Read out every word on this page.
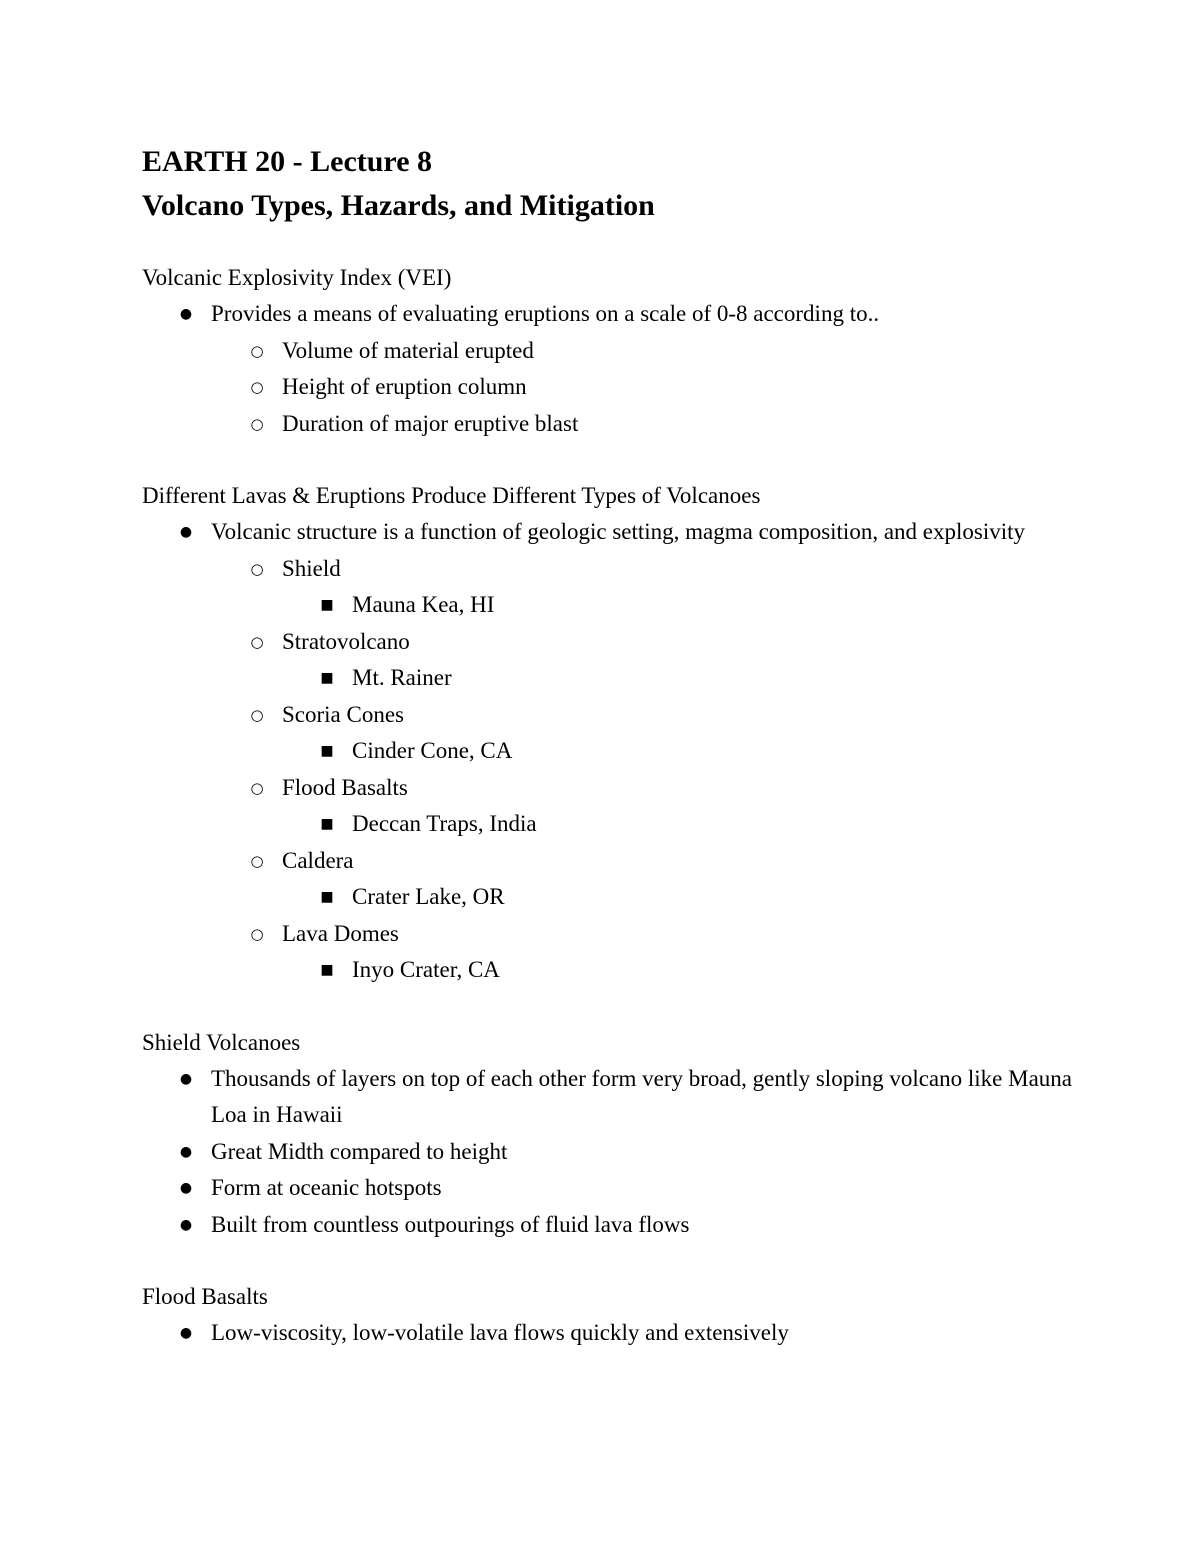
EARTH 20 - Lecture 8

Volcano Types, Hazards, and Mitigation

Volcanic Explosivity Index (VEI)

● Provides a means of evaluating eruptions on a scale of 0-8 according to..
○ Volume of material erupted
○ Height of eruption column
○ Duration of major eruptive blast

Different Lavas & Eruptions Produce Different Types of Volcanoes

● Volcanic structure is a function of geologic setting, magma composition, and explosivity
○ Shield
■ Mauna Kea, HI
○ Stratovolcano
■ Mt. Rainer
○ Scoria Cones
■ Cinder Cone, CA
○ Flood Basalts
■ Deccan Traps, India
○ Caldera
■ Crater Lake, OR
○ Lava Domes
■ Inyo Crater, CA

Shield Volcanoes

● Thousands of layers on top of each other form very broad, gently sloping volcano like Mauna Loa in Hawaii
● Great Midth compared to height
● Form at oceanic hotspots
● Built from countless outpourings of fluid lava flows

Flood Basalts

● Low-viscosity, low-volatile lava flows quickly and extensively
